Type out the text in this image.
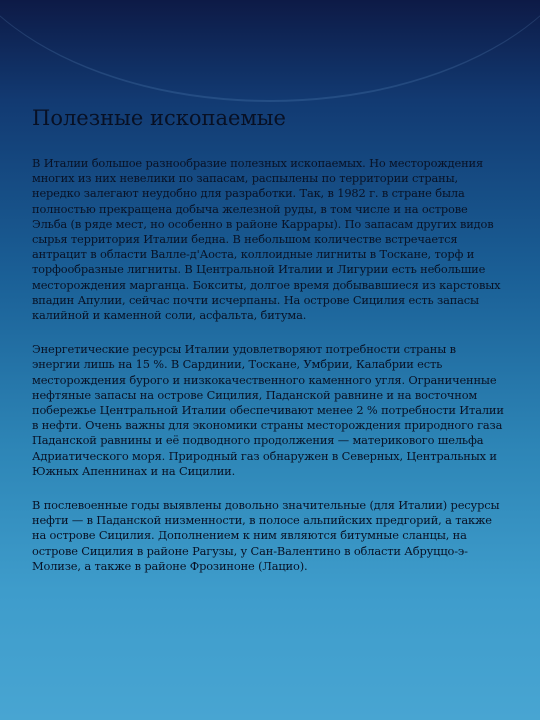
Полезные ископаемые

В Италии большое разнообразие полезных ископаемых. Но месторождения многих из них невелики по запасам, распылены по территории страны, нередко залегают неудобно для разработки. Так, в 1982 г. в стране была полностью прекращена добыча железной руды, в том числе и на острове Эльба (в ряде мест, но особенно в районе Каррары). По запасам других видов сырья территория Италии бедна. В небольшом количестве встречается антрацит в области Валле-д'Аоста, коллоидные лигниты в Тоскане, торф и торфообразные лигниты. В Центральной Италии и Лигурии есть небольшие месторождения марганца. Бокситы, долгое время добывавшиеся из карстовых впадин Апулии, сейчас почти исчерпаны. На острове Сицилия есть запасы калийной и каменной соли, асфальта, битума.

Энергетические ресурсы Италии удовлетворяют потребности страны в энергии лишь на 15 %. В Сардинии, Тоскане, Умбрии, Калабрии есть месторождения бурого и низкокачественного каменного угля. Ограниченные нефтяные запасы на острове Сицилия, Паданской равнине и на восточном побережье Центральной Италии обеспечивают менее 2 % потребности Италии в нефти. Очень важны для экономики страны месторождения природного газа Паданской равнины и её подводного продолжения — материкового шельфа Адриатического моря. Природный газ обнаружен в Северных, Центральных и Южных Апеннинах и на Сицилии.

В послевоенные годы выявлены довольно значительные (для Италии) ресурсы нефти — в Паданской низменности, в полосе альпийских предгорий, а также на острове Сицилия. Дополнением к ним являются битумные сланцы, на острове Сицилия в районе Рагузы, у Сан-Валентино в области Абруццо-э-Молизе, а также в районе Фрозиноне (Лацио).
